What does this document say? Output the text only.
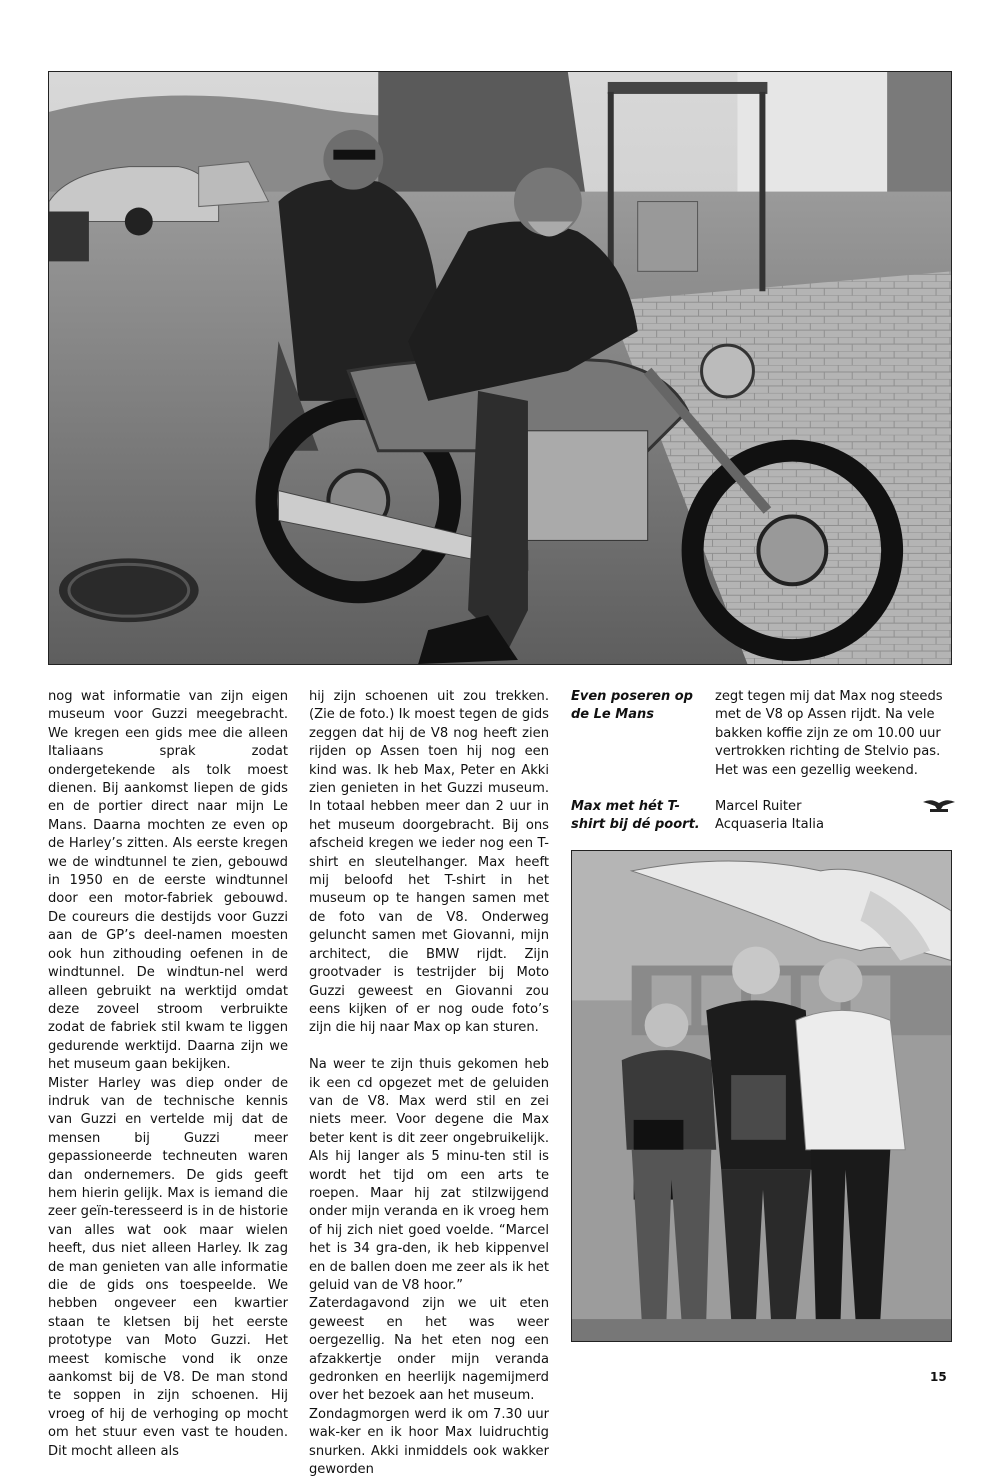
nog wat informatie van zijn eigen museum voor Guzzi meegebracht. We kregen een gids mee die alleen Italiaans sprak zodat ondergetekende als tolk moest dienen. Bij aankomst liepen de gids en de portier direct naar mijn Le Mans. Daarna mochten ze even op de Harley’s zitten. Als eerste kregen we de windtunnel te zien, gebouwd in 1950 en de eerste windtunnel door een motor-fabriek gebouwd. De coureurs die destijds voor Guzzi aan de GP’s deel-namen moesten ook hun zithouding oefenen in de windtunnel. De windtun-nel werd alleen gebruikt na werktijd omdat deze zoveel stroom verbruikte zodat de fabriek stil kwam te liggen gedurende werktijd. Daarna zijn we het museum gaan bekijken.

Mister Harley was diep onder de indruk van de technische kennis van Guzzi en vertelde mij dat de mensen bij Guzzi meer gepassioneerde techneuten waren dan ondernemers. De gids geeft hem hierin gelijk. Max is iemand die zeer geïn-teresseerd is in de historie van alles wat ook maar wielen heeft, dus niet alleen Harley. Ik zag de man genieten van alle informatie die de gids ons toespeelde. We hebben ongeveer een kwartier staan te kletsen bij het eerste prototype van Moto Guzzi. Het meest komische vond ik onze aankomst bij de V8. De man stond te soppen in zijn schoenen. Hij vroeg of hij de verhoging op mocht om het stuur even vast te houden. Dit mocht alleen als

hij zijn schoenen uit zou trekken. (Zie de foto.) Ik moest tegen de gids zeggen dat hij de V8 nog heeft zien rijden op Assen toen hij nog een kind was. Ik heb Max, Peter en Akki zien genieten in het Guzzi museum. In totaal hebben meer dan 2 uur in het museum doorgebracht. Bij ons afscheid kregen we ieder nog een T-shirt en sleutelhanger. Max heeft mij beloofd het T-shirt in het museum op te hangen samen met de foto van de V8. Onderweg geluncht samen met Giovanni, mijn architect, die BMW rijdt. Zijn grootvader is testrijder bij Moto Guzzi geweest en Giovanni zou eens kijken of er nog oude foto’s zijn die hij naar Max op kan sturen.

Na weer te zijn thuis gekomen heb ik een cd opgezet met de geluiden van de V8. Max werd stil en zei niets meer. Voor degene die Max beter kent is dit zeer ongebruikelijk. Als hij langer als 5 minu-ten stil is wordt het tijd om een arts te roepen. Maar hij zat stilzwijgend onder mijn veranda en ik vroeg hem of hij zich niet goed voelde. “Marcel het is 34 gra-den, ik heb kippenvel en de ballen doen me zeer als ik het geluid van de V8 hoor.”

Zaterdagavond zijn we uit eten geweest en het was weer oergezellig. Na het eten nog een afzakkertje onder mijn veranda gedronken en heerlijk nagemijmerd over het bezoek aan het museum.

Zondagmorgen werd ik om 7.30 uur wak-ker en ik hoor Max luidruchtig snurken. Akki inmiddels ook wakker geworden

Even poseren op de Le Mans
Max met hét T-shirt bij dé poort.

zegt tegen mij dat Max nog steeds met de V8 op Assen rijdt. Na vele bakken koffie zijn ze om 10.00 uur vertrokken richting de Stelvio pas.

Het was een gezellig weekend.

Marcel Ruiter
Acquaseria Italia
15
